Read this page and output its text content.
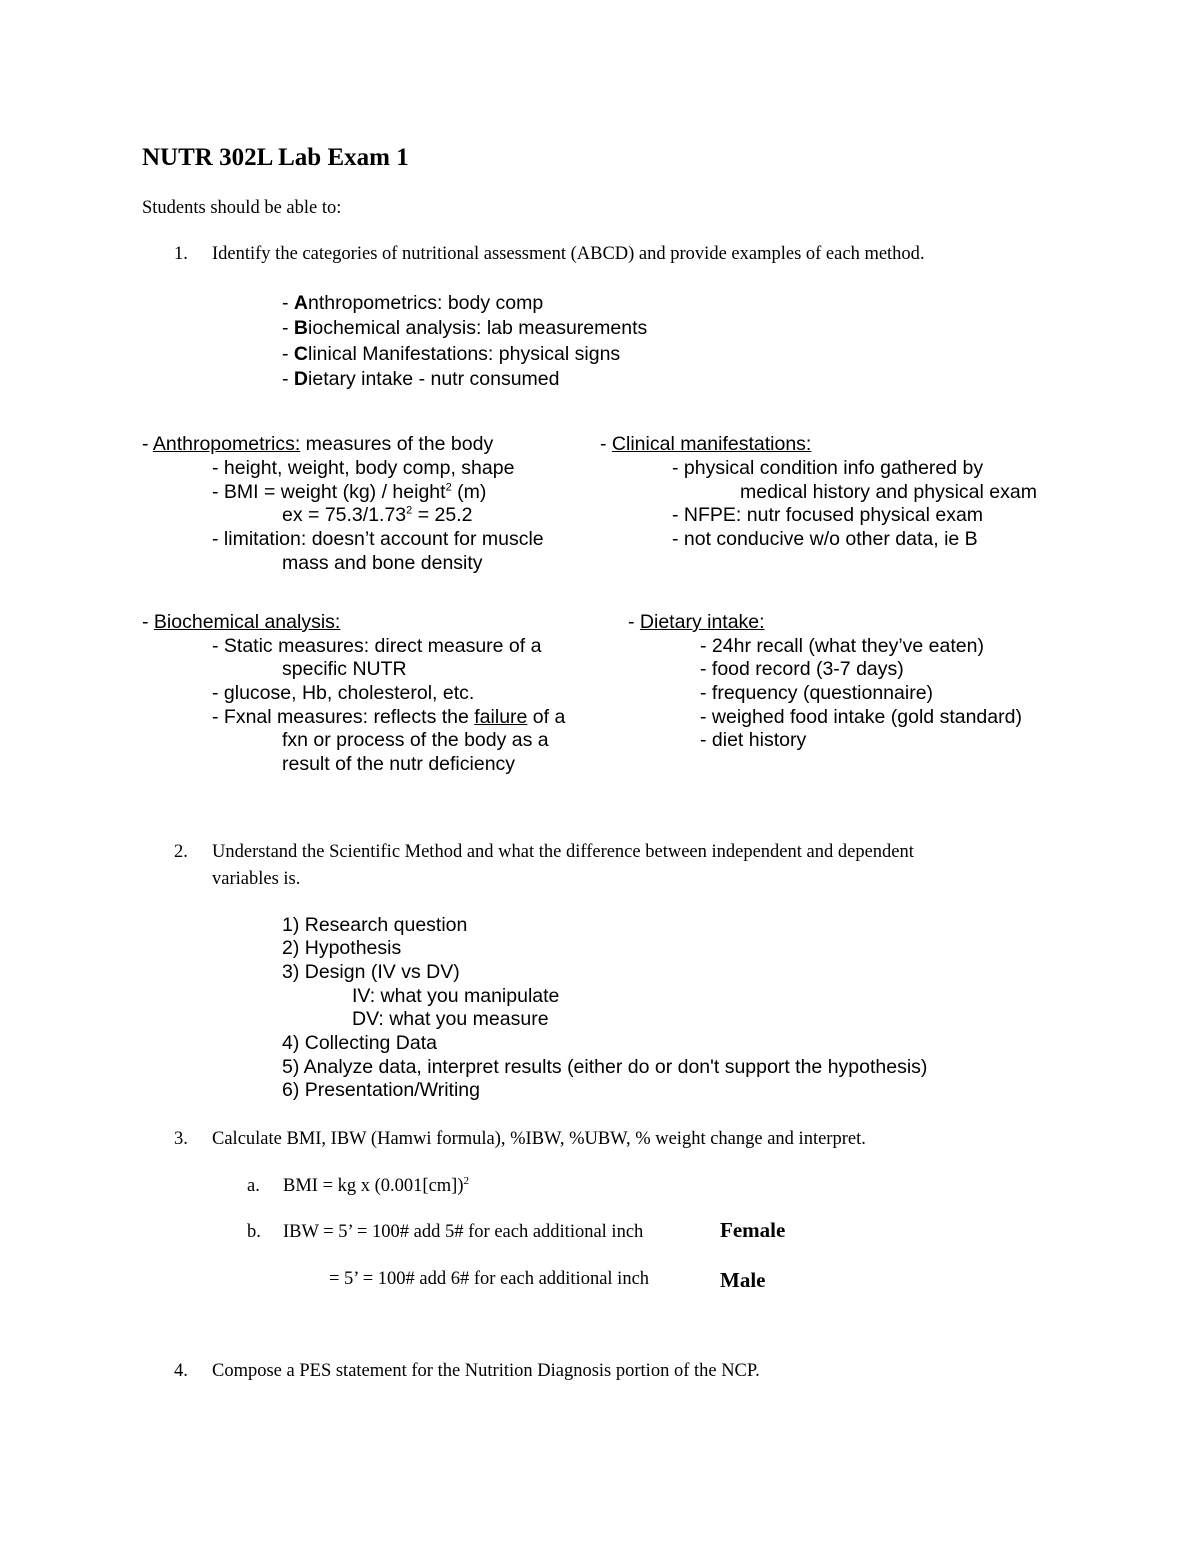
NUTR 302L Lab Exam 1
Students should be able to:
1. Identify the categories of nutritional assessment (ABCD) and provide examples of each method.
- Anthropometrics: body comp
- Biochemical analysis: lab measurements
- Clinical Manifestations: physical signs
- Dietary intake - nutr consumed
- Anthropometrics: measures of the body
- height, weight, body comp, shape
- BMI = weight (kg) / height$^2$ (m)
ex = $75.3/1.73^2 = 25.2$
- limitation: doesn’t account for muscle
mass and bone density
- Clinical manifestations:
- physical condition info gathered by
medical history and physical exam
- NFPE: nutr focused physical exam
- not conducive w/o other data, ie B
- Biochemical analysis:
- Static measures: direct measure of a
specific NUTR
- glucose, Hb, cholesterol, etc.
- Fxnal measures: reflects the failure of a
fxn or process of the body as a
result of the nutr deficiency
- Dietary intake:
- 24hr recall (what they’ve eaten)
- food record (3-7 days)
- frequency (questionnaire)
- weighed food intake (gold standard)
- diet history
2. Understand the Scientific Method and what the difference between independent and dependent
variables is.
1) Research question
2) Hypothesis
3) Design (IV vs DV)
IV: what you manipulate
DV: what you measure
4) Collecting Data
5) Analyze data, interpret results (either do or don't support the hypothesis)
6) Presentation/Writing
3. Calculate BMI, IBW (Hamwi formula), %IBW, %UBW, % weight change and interpret.
a. BMI = kg x $(0.001[cm])^2$
b. IBW = 5’ = 100# add 5# for each additional inch	Female
= 5’ = 100# add 6# for each additional inch	Male
4. Compose a PES statement for the Nutrition Diagnosis portion of the NCP.
